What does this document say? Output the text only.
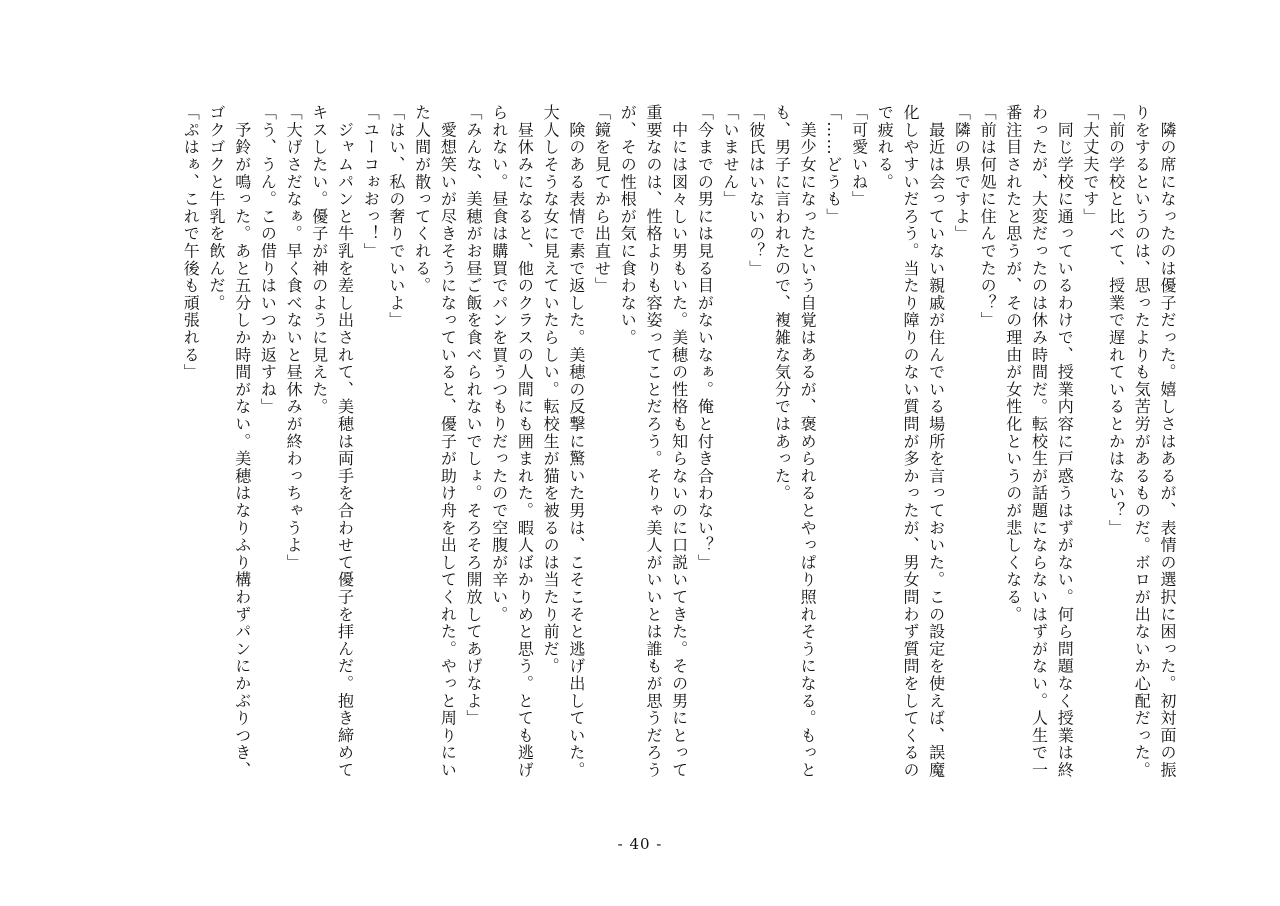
　隣の席になったのは優子だった。嬉しさはあるが、表情の選択に困った。初対面の振りをするというのは、思ったよりも気苦労があるものだ。ボロが出ないか心配だった。
「前の学校と比べて、授業で遅れているとかはない？」
「大丈夫です」
　同じ学校に通っているわけで、授業内容に戸惑うはずがない。何ら問題なく授業は終わったが、大変だったのは休み時間だ。転校生が話題にならないはずがない。人生で一番注目されたと思うが、その理由が女性化というのが悲しくなる。
「前は何処に住んでたの？」
「隣の県ですよ」
　最近は会っていない親戚が住んでいる場所を言っておいた。この設定を使えば、誤魔化しやすいだろう。当たり障りのない質問が多かったが、男女問わず質問をしてくるので疲れる。
「可愛いね」
「……どうも」
　美少女になったという自覚はあるが、褒められるとやっぱり照れそうになる。もっとも、男子に言われたので、複雑な気分ではあった。
「彼氏はいないの？」
「いません」
「今までの男には見る目がないなぁ。俺と付き合わない？」
　中には図々しい男もいた。美穂の性格も知らないのに口説いてきた。その男にとって重要なのは、性格よりも容姿ってことだろう。そりゃ美人がいいとは誰もが思うだろうが、その性根が気に食わない。
「鏡を見てから出直せ」
　険のある表情で素で返した。美穂の反撃に驚いた男は、こそこそと逃げ出していた。大人しそうな女に見えていたらしい。転校生が猫を被るのは当たり前だ。
　昼休みになると、他のクラスの人間にも囲まれた。暇人ばかりめと思う。とても逃げられない。昼食は購買でパンを買うつもりだったので空腹が辛い。
「みんな、美穂がお昼ご飯を食べられないでしょ。そろそろ開放してあげなよ」
　愛想笑いが尽きそうになっていると、優子が助け舟を出してくれた。やっと周りにいた人間が散ってくれる。
「はい、私の奢りでいいよ」
「ユーコぉおっ！」
　ジャムパンと牛乳を差し出されて、美穂は両手を合わせて優子を拝んだ。抱き締めてキスしたい。優子が神のように見えた。
「大げさだなぁ。早く食べないと昼休みが終わっちゃうよ」
「う、うん。この借りはいつか返すね」
　予鈴が鳴った。あと五分しか時間がない。美穂はなりふり構わずパンにかぶりつき、ゴクゴクと牛乳を飲んだ。
「ぷはぁ、これで午後も頑張れる」
- 40 -
